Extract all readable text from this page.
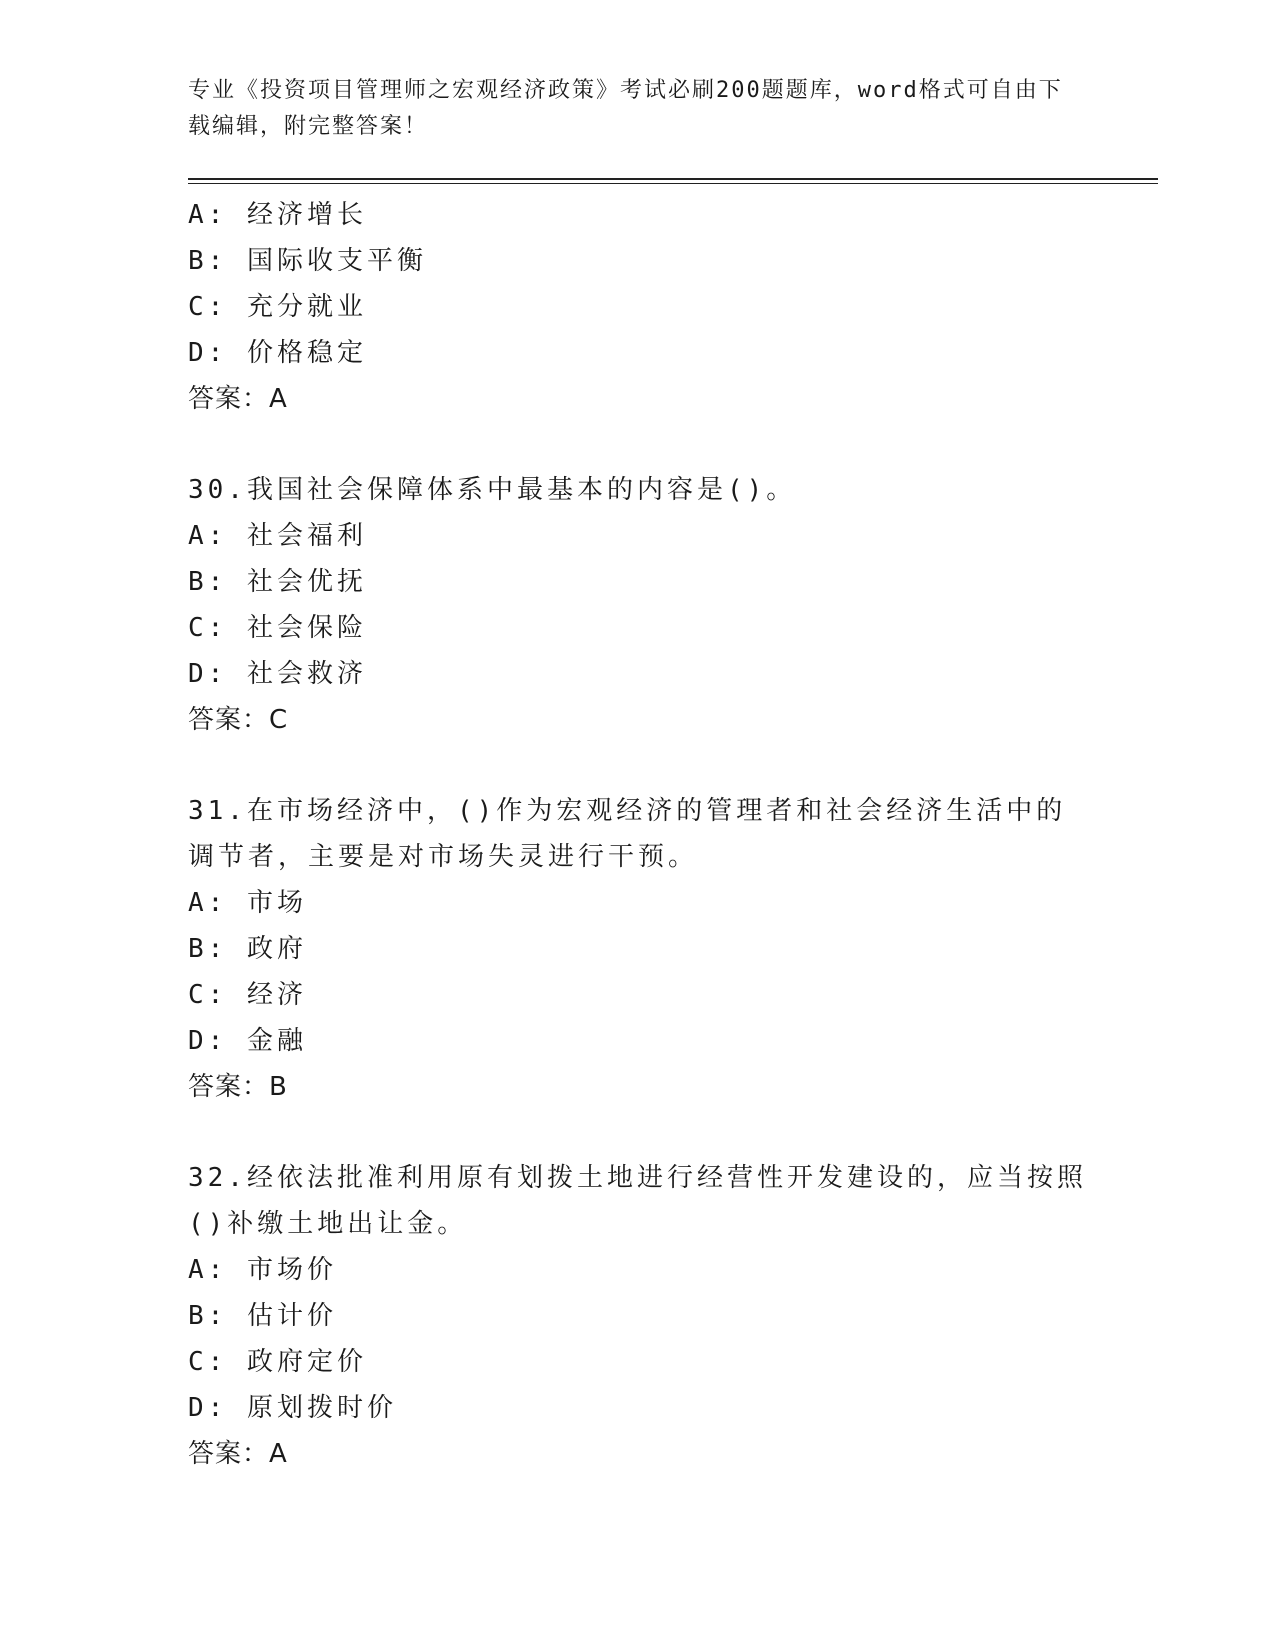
专业《投资项目管理师之宏观经济政策》考试必刷200题题库，word格式可自由下载编辑，附完整答案！
A: 经济增长
B: 国际收支平衡
C: 充分就业
D: 价格稳定
答案：A
30.我国社会保障体系中最基本的内容是()。
A: 社会福利
B: 社会优抚
C: 社会保险
D: 社会救济
答案：C
31.在市场经济中，()作为宏观经济的管理者和社会经济生活中的调节者，主要是对市场失灵进行干预。
A: 市场
B: 政府
C: 经济
D: 金融
答案：B
32.经依法批准利用原有划拨土地进行经营性开发建设的，应当按照()补缴土地出让金。
A: 市场价
B: 估计价
C: 政府定价
D: 原划拨时价
答案：A
